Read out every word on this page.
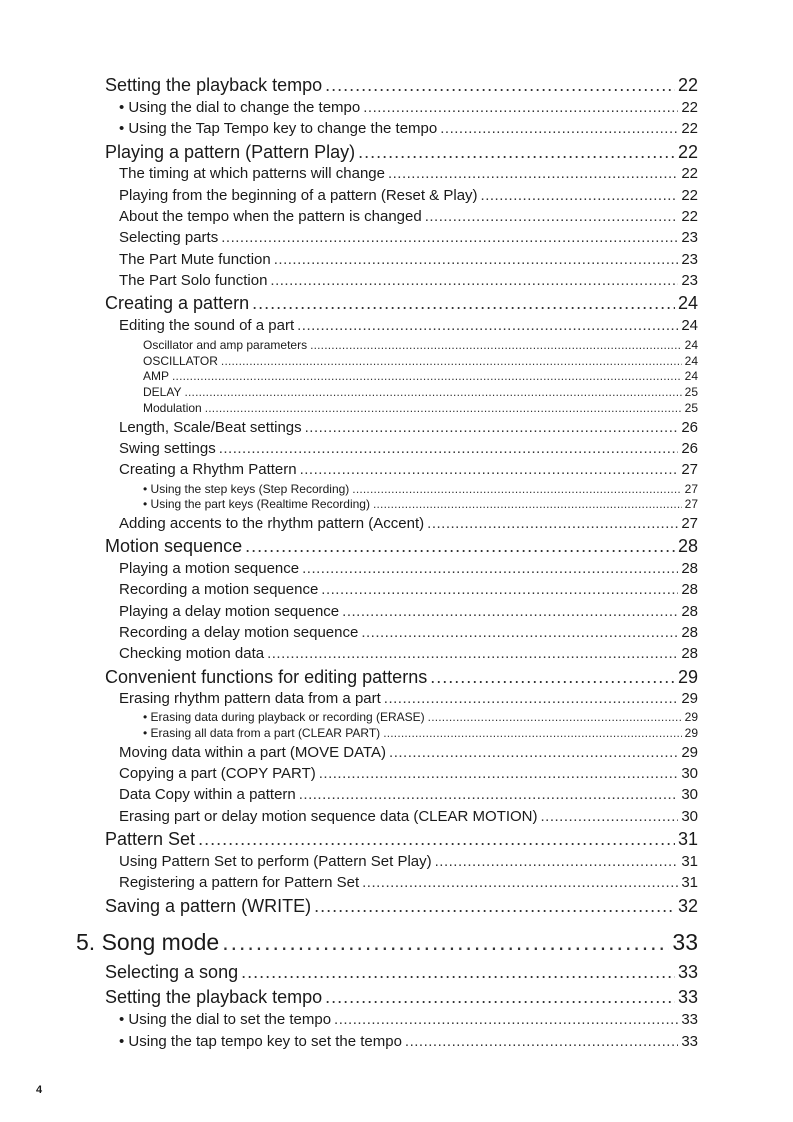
Setting the playback tempo .....	22
• Using the dial to change the tempo .....	22
• Using the Tap Tempo key to change the tempo .....	22
Playing a pattern (Pattern Play) .....	22
The timing at which patterns will change .....	22
Playing from the beginning of a pattern (Reset & Play) .....	22
About the tempo when the pattern is changed .....	22
Selecting parts .....	23
The Part Mute function .....	23
The Part Solo function .....	23
Creating a pattern .....	24
Editing the sound of a part .....	24
Oscillator and amp parameters .....	24
OSCILLATOR .....	24
AMP .....	24
DELAY .....	25
Modulation .....	25
Length, Scale/Beat settings .....	26
Swing settings .....	26
Creating a Rhythm Pattern .....	27
• Using the step keys (Step Recording) .....	27
• Using the part keys (Realtime Recording) .....	27
Adding accents to the rhythm pattern (Accent) .....	27
Motion sequence .....	28
Playing a motion sequence .....	28
Recording a motion sequence .....	28
Playing a delay motion sequence .....	28
Recording a delay motion sequence .....	28
Checking motion data .....	28
Convenient functions for editing patterns .....	29
Erasing rhythm pattern data from a part .....	29
• Erasing data during playback or recording (ERASE) .....	29
• Erasing all data from a part (CLEAR PART) .....	29
Moving data within a part (MOVE DATA) .....	29
Copying a part (COPY PART) .....	30
Data Copy within a pattern .....	30
Erasing part or delay motion sequence data (CLEAR MOTION) .....	30
Pattern Set .....	31
Using Pattern Set to perform (Pattern Set Play) .....	31
Registering a pattern for Pattern Set .....	31
Saving a pattern (WRITE) .....	32
5. Song mode .....	33
Selecting a song .....	33
Setting the playback tempo .....	33
• Using the dial to set the tempo .....	33
• Using the tap tempo key to set the tempo .....	33
4
